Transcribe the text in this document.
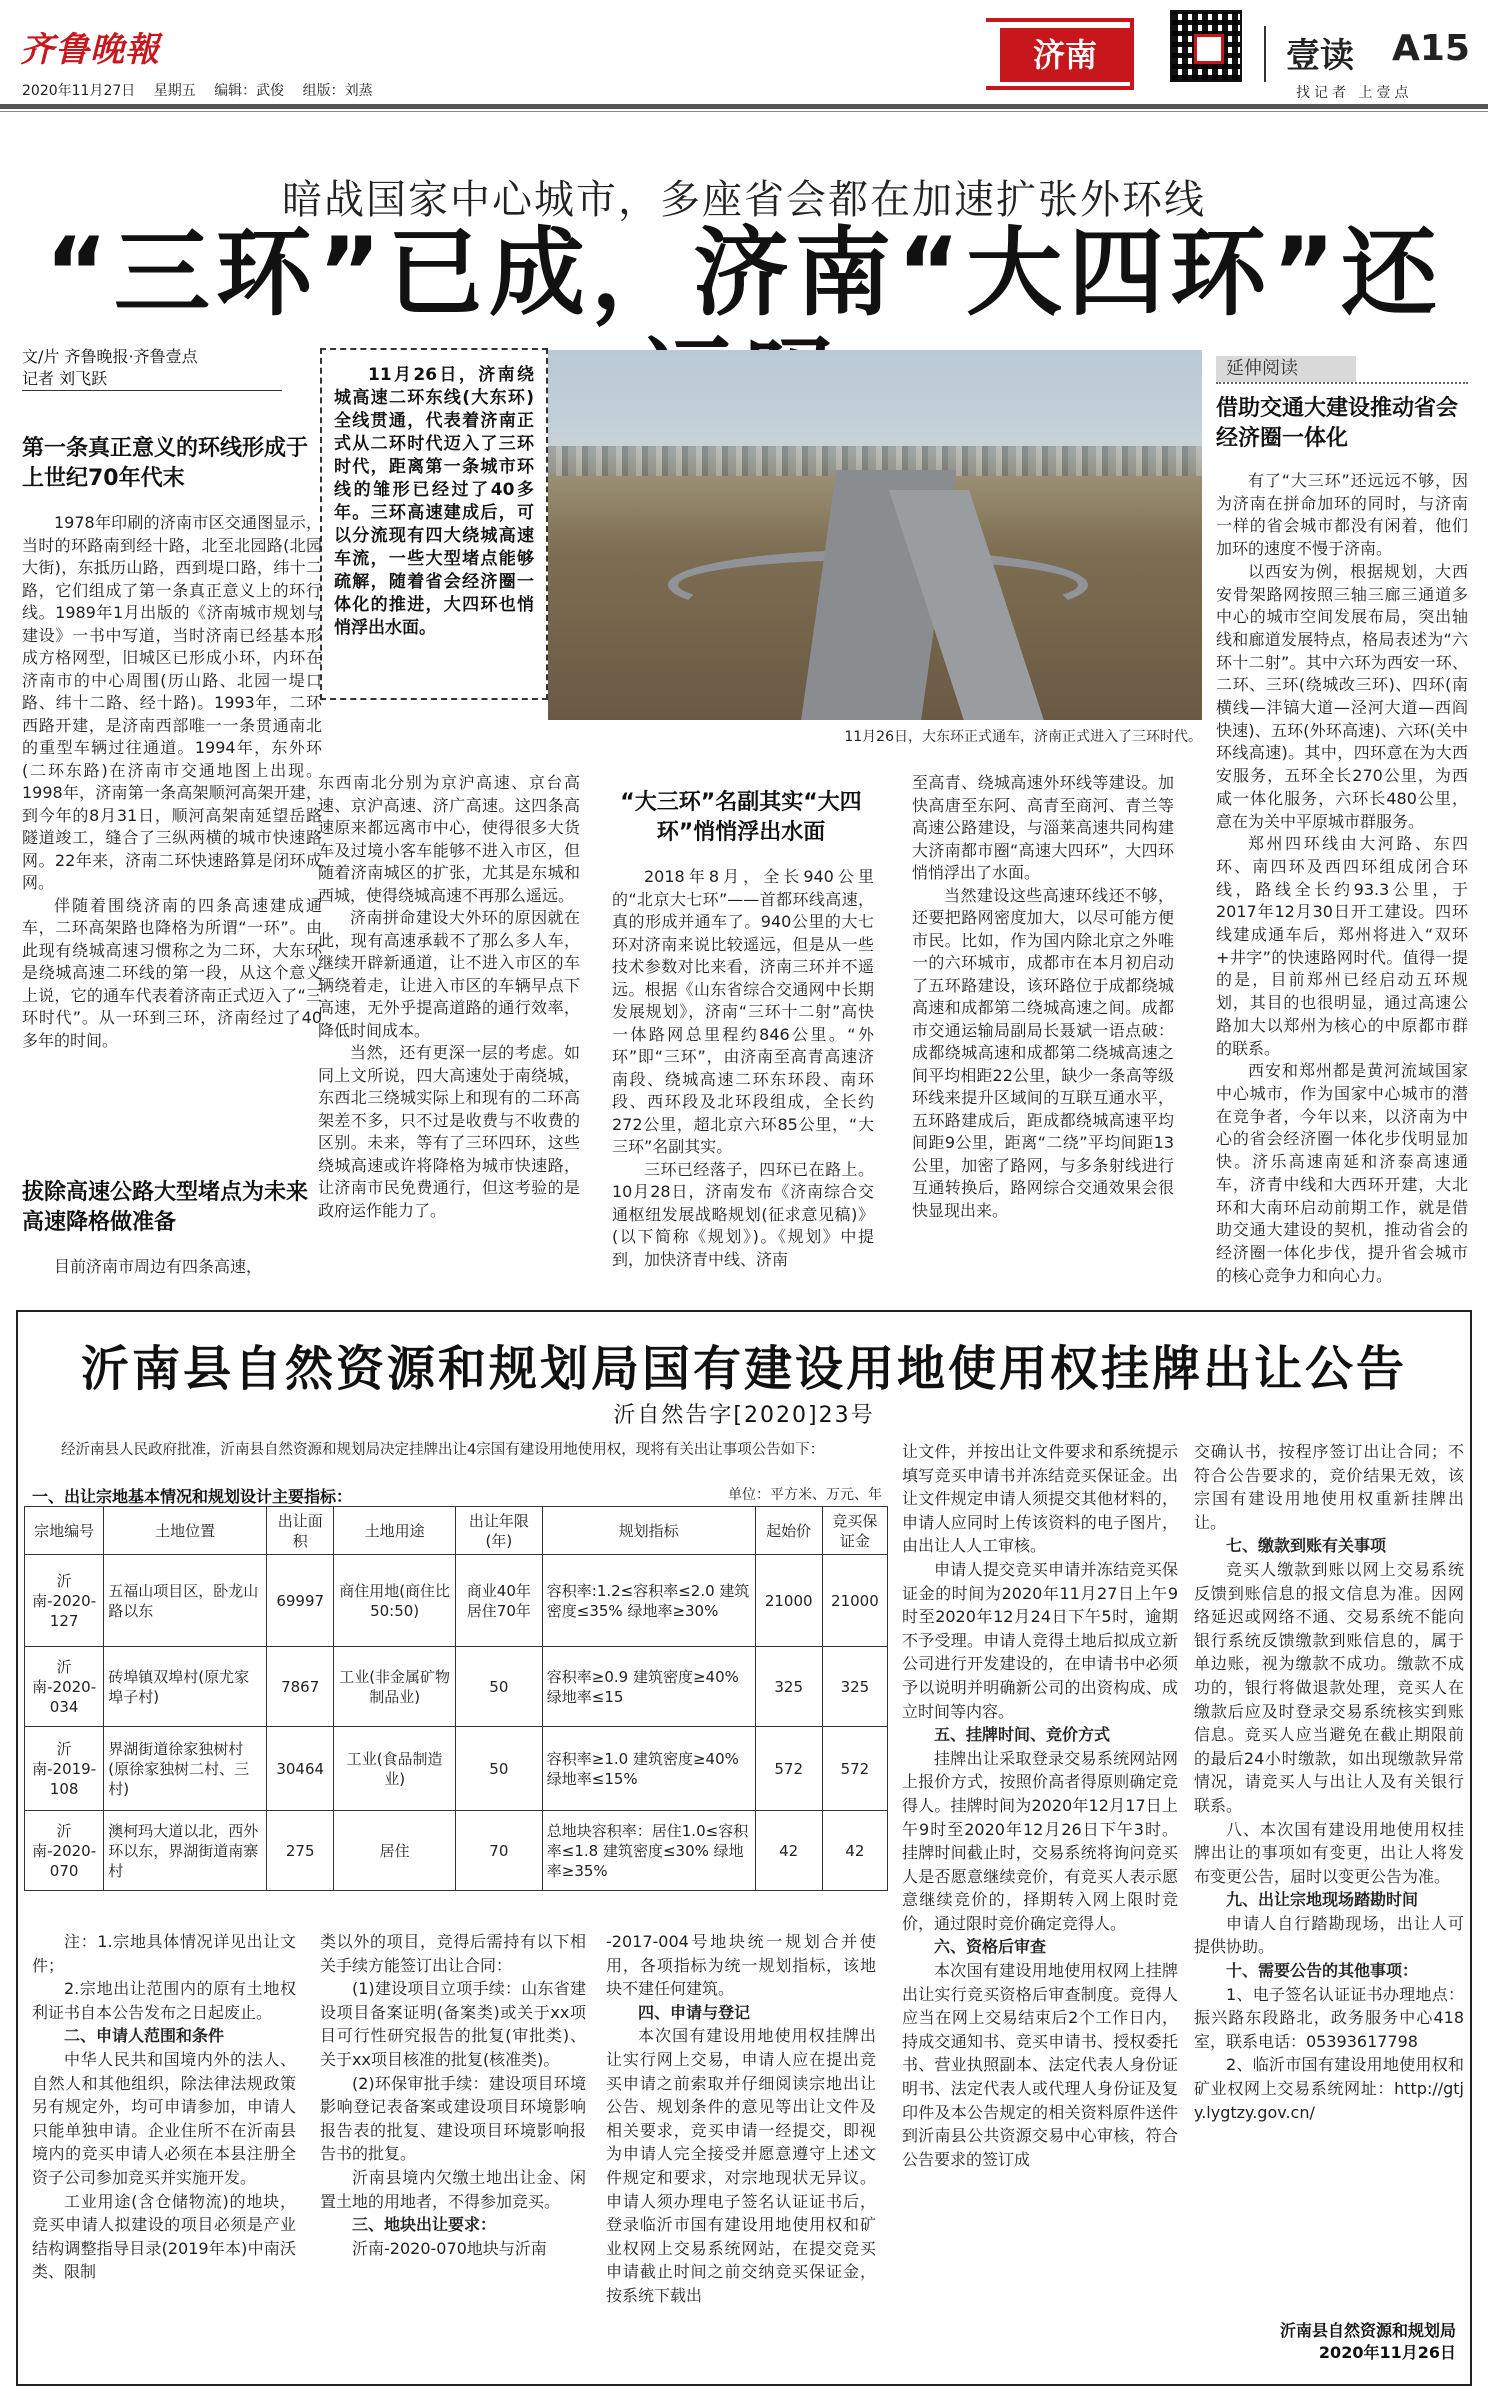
齐鲁晚報
2020年11月27日 星期五 编辑：武俊 组版：刘蒸
济南	壹读 A15
找记者 上壹点
暗战国家中心城市，多座省会都在加速扩张外环线
“三环”已成，济南“大四环”还
文/片 齐鲁晚报·齐鲁壹点
记者 刘飞跃	11月26日，济南绕城高速二环东线(大东环)全线贯通，代表着济南正式从二环时代迈入了三环时代，距离第一条城市环线的雏形已经过了40多年。三环高速建成后，可以分流现有四大绕城高速车流，一些大型堵点能够疏解，随着省会经济圈一体化的推进，大四环也悄悄浮出水面。

11月26日，大东环正式通车，济南正式进入了三环时代。
第一条真正意义的环线形成于上世纪70年代末

1978年印刷的济南市区交通图显示，当时的环路南到经十路，北至北园路(北园大街)，东抵历山路，西到堤口路，纬十二路，它们组成了第一条真正意义上的环行线。1989年1月出版的《济南城市规划与建设》一书中写道，当时济南已经基本形成方格网型，旧城区已形成小环，内环在济南市的中心周围(历山路、北园一堤口路、纬十二路、经十路)。1993年，二环西路开建，是济南西部唯一一条贯通南北的重型车辆过往通道。1994年，东外环(二环东路)在济南市交通地图上出现。1998年，济南第一条高架顺河高架开建，到今年的8月31日，顺河高架南延望岳路隧道竣工，缝合了三纵两横的城市快速路网。22年来，济南二环快速路算是闭环成网。

伴随着围绕济南的四条高速建成通车，二环高架路也降格为所谓“一环”。由此现有绕城高速习惯称之为二环，大东环是绕城高速二环线的第一段，从这个意义上说，它的通车代表着济南正式迈入了“三环时代”。从一环到三环，济南经过了40多年的时间。

拔除高速公路大型堵点为未来高速降格做准备

目前济南市周边有四条高速，

东西南北分别为京沪高速、京台高速、京沪高速、济广高速。这四条高速原来都远离市中心，使得很多大货车及过境小客车能够不进入市区，但随着济南城区的扩张，尤其是东城和西城，使得绕城高速不再那么遥远。

济南拼命建设大外环的原因就在此，现有高速承载不了那么多人车，继续开辟新通道，让不进入市区的车辆绕着走，让进入市区的车辆早点下高速，无外乎提高道路的通行效率，降低时间成本。

当然，还有更深一层的考虑。如同上文所说，四大高速处于南绕城，东西北三绕城实际上和现有的二环高架差不多，只不过是收费与不收费的区别。未来，等有了三环四环，这些绕城高速或许将降格为城市快速路，让济南市民免费通行，但这考验的是政府运作能力了。

“大三环”名副其实“大四环”悄悄浮出水面

2018年8月，全长940公里的“北京大七环”——首都环线高速，真的形成并通车了。940公里的大七环对济南来说比较遥远，但是从一些技术参数对比来看，济南三环并不遥远。根据《山东省综合交通网中长期发展规划》，济南“三环十二射”高快一体路网总里程约846公里。“外环”即“三环”，由济南至高青高速济南段、绕城高速二环东环段、南环段、西环段及北环段组成，全长约272公里，超北京六环85公里，“大三环”名副其实。

三环已经落子，四环已在路上。10月28日，济南发布《济南综合交通枢纽发展战略规划(征求意见稿)》(以下简称《规划》)。《规划》中提到，加快济青中线、济南

至高青、绕城高速外环线等建设。加快高唐至东阿、高青至商河、青兰等高速公路建设，与淄莱高速共同构建大济南都市圈“高速大四环”，大四环悄悄浮出了水面。

当然建设这些高速环线还不够，还要把路网密度加大，以尽可能方便市民。比如，作为国内除北京之外唯一的六环城市，成都市在本月初启动了五环路建设，该环路位于成都绕城高速和成都第二绕城高速之间。成都市交通运输局副局长聂斌一语点破：成都绕城高速和成都第二绕城高速之间平均相距22公里，缺少一条高等级环线来提升区域间的互联互通水平，五环路建成后，距成都绕城高速平均间距9公里，距离“二绕”平均间距13公里，加密了路网，与多条射线进行互通转换后，路网综合交通效果会很快显现出来。

延伸阅读
借助交通大建设推动省会经济圈一体化

有了“大三环”还远远不够，因为济南在拼命加环的同时，与济南一样的省会城市都没有闲着，他们加环的速度不慢于济南。

以西安为例，根据规划，大西安骨架路网按照三轴三廊三通道多中心的城市空间发展布局，突出轴线和廊道发展特点，格局表述为“六环十二射”。其中六环为西安一环、二环、三环(绕城改三环)、四环(南横线—沣镐大道—泾河大道—西阎快速)、五环(外环高速)、六环(关中环线高速)。其中，四环意在为大西安服务，五环全长270公里，为西咸一体化服务，六环长480公里，意在为关中平原城市群服务。

郑州四环线由大河路、东四环、南四环及西四环组成闭合环线，路线全长约93.3公里，于2017年12月30日开工建设。四环线建成通车后，郑州将进入“双环+井字”的快速路网时代。值得一提的是，目前郑州已经启动五环规划，其目的也很明显，通过高速公路加大以郑州为核心的中原都市群的联系。

西安和郑州都是黄河流域国家中心城市，作为国家中心城市的潜在竞争者，今年以来，以济南为中心的省会经济圈一体化步伐明显加快。济乐高速南延和济泰高速通车，济青中线和大西环开建，大北环和大南环启动前期工作，就是借助交通大建设的契机，推动省会的经济圈一体化步伐，提升省会城市的核心竞争力和向心力。

沂南县自然资源和规划局国有建设用地使用权挂牌出让公告
沂自然告字[2020]23号
经沂南县人民政府批准，沂南县自然资源和规划局决定挂牌出让4宗国有建设用地使用权，现将有关出让事项公告如下：
一、出让宗地基本情况和规划设计主要指标：	单位：平方米、万元、年
宗地编号	土地位置	出让面积	土地用途	出让年限(年)	规划指标	起始价	竞买保证金
沂南-2020-127	五福山项目区，卧龙山路以东	69997	商住用地(商住比50:50)	商业40年居住70年	容积率:1.2≤容积率≤2.0 建筑密度≤35% 绿地率≥30%	21000	21000
沂南-2020-034	砖埠镇双埠村(原尤家埠子村)	7867	工业(非金属矿物制品业)	50	容积率≥0.9 建筑密度≥40% 绿地率≤15	325	325
沂南-2019-108	界湖街道徐家独树村(原徐家独树二村、三村)	30464	工业(食品制造业)	50	容积率≥1.0 建筑密度≥40% 绿地率≤15%	572	572
沂南-2020-070	澳柯玛大道以北，西外环以东，界湖街道南寨村	275	居住	70	总地块容积率：居住1.0≤容积率≤1.8 建筑密度≤30% 绿地率≥35%	42	42

注：1.宗地具体情况详见出让文件；

2.宗地出让范围内的原有土地权利证书自本公告发布之日起废止。

二、申请人范围和条件

中华人民共和国境内外的法人、自然人和其他组织，除法律法规政策另有规定外，均可申请参加，申请人只能单独申请。企业住所不在沂南县境内的竞买申请人必须在本县注册全资子公司参加竞买并实施开发。

工业用途(含仓储物流)的地块，竞买申请人拟建设的项目必须是产业结构调整指导目录(2019年本)中南沃类、限制

类以外的项目，竞得后需持有以下相关手续方能签订出让合同：

(1)建设项目立项手续：山东省建设项目备案证明(备案类)或关于xx项目可行性研究报告的批复(审批类)、关于xx项目核准的批复(核准类)。

(2)环保审批手续：建设项目环境影响登记表备案或建设项目环境影响报告表的批复、建设项目环境影响报告书的批复。

沂南县境内欠缴土地出让金、闲置土地的用地者，不得参加竞买。

三、地块出让要求：

沂南-2020-070地块与沂南

-2017-004号地块统一规划合并使用，各项指标为统一规划指标，该地块不建任何建筑。

四、申请与登记

本次国有建设用地使用权挂牌出让实行网上交易，申请人应在提出竞买申请之前索取并仔细阅读宗地出让公告、规划条件的意见等出让文件及相关要求，竞买申请一经提交，即视为申请人完全接受并愿意遵守上述文件规定和要求，对宗地现状无异议。申请人须办理电子签名认证证书后，登录临沂市国有建设用地使用权和矿业权网上交易系统网站，在提交竞买申请截止时间之前交纳竞买保证金，按系统下载出

让文件，并按出让文件要求和系统提示填写竞买申请书并冻结竞买保证金。出让文件规定申请人须提交其他材料的，申请人应同时上传该资料的电子图片，由出让人人工审核。

申请人提交竞买申请并冻结竞买保证金的时间为2020年11月27日上午9时至2020年12月24日下午5时，逾期不予受理。申请人竞得土地后拟成立新公司进行开发建设的，在申请书中必须予以说明并明确新公司的出资构成、成立时间等内容。

五、挂牌时间、竞价方式

挂牌出让采取登录交易系统网站网上报价方式，按照价高者得原则确定竞得人。挂牌时间为2020年12月17日上午9时至2020年12月26日下午3时。挂牌时间截止时，交易系统将询问竞买人是否愿意继续竞价，有竞买人表示愿意继续竞价的，择期转入网上限时竞价，通过限时竞价确定竞得人。

六、资格后审查

本次国有建设用地使用权网上挂牌出让实行竞买资格后审查制度。竞得人应当在网上交易结束后2个工作日内，持成交通知书、竞买申请书、授权委托书、营业执照副本、法定代表人身份证明书、法定代表人或代理人身份证及复印件及本公告规定的相关资料原件送件到沂南县公共资源交易中心审核，符合公告要求的签订成

交确认书，按程序签订出让合同；不符合公告要求的，竞价结果无效，该宗国有建设用地使用权重新挂牌出让。

七、缴款到账有关事项

竞买人缴款到账以网上交易系统反馈到账信息的报文信息为准。因网络延迟或网络不通、交易系统不能向银行系统反馈缴款到账信息的，属于单边账，视为缴款不成功。缴款不成功的，银行将做退款处理，竞买人在缴款后应及时登录交易系统核实到账信息。竞买人应当避免在截止期限前的最后24小时缴款，如出现缴款异常情况，请竞买人与出让人及有关银行联系。

八、本次国有建设用地使用权挂牌出让的事项如有变更，出让人将发布变更公告，届时以变更公告为准。

九、出让宗地现场踏勘时间

申请人自行踏勘现场，出让人可提供协助。

十、需要公告的其他事项：

1、电子签名认证证书办理地点：振兴路东段路北，政务服务中心418室，联系电话：05393617798

2、临沂市国有建设用地使用权和矿业权网上交易系统网址：http://gtjy.lygtzy.gov.cn/

沂南县自然资源和规划局
2020年11月26日
